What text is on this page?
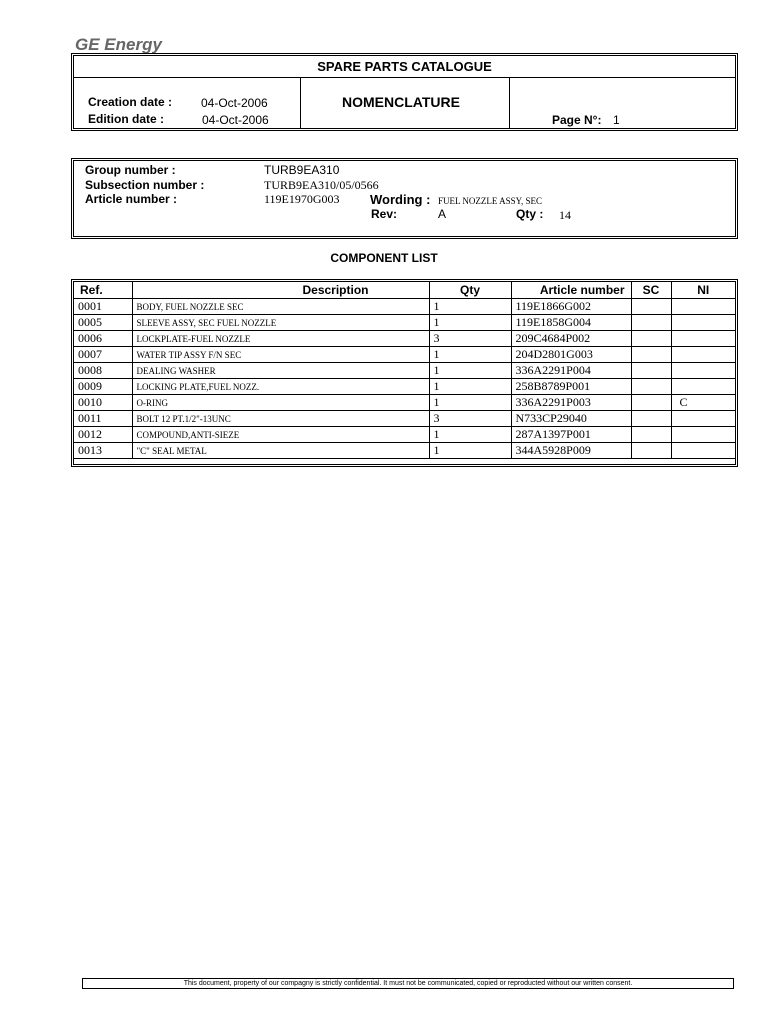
GE Energy
SPARE PARTS CATALOGUE
Creation date : 04-Oct-2006
Edition date :	04-Oct-2006
NOMENCLATURE
Page N°: 1
Group number :	TURB9EA310
Subsection number :	TURB9EA310/05/0566
Article number :	119E1970G003 Wording : FUEL NOZZLE ASSY, SEC
Rev:	A	Qty : 14
COMPONENT LIST
Ref.	Description	Qty	Article number	SC	NI
0001	BODY, FUEL NOZZLE SEC	1	119E1866G002		
0005	SLEEVE ASSY, SEC FUEL NOZZLE	1	119E1858G004		
0006	LOCKPLATE-FUEL NOZZLE	3	209C4684P002		
0007	WATER TIP ASSY F/N SEC	1	204D2801G003		
0008	DEALING WASHER	1	336A2291P004		
0009	LOCKING PLATE,FUEL NOZZ.	1	258B8789P001		
0010	O-RING	1	336A2291P003		C
0011	BOLT 12 PT.1/2"-13UNC	3	N733CP29040		
0012	COMPOUND,ANTI-SIEZE	1	287A1397P001		
0013	"C" SEAL METAL	1	344A5928P009		
This document, property of our compagny is strictly confidential. It must not be communicated, copied or reproducted without our written consent.
